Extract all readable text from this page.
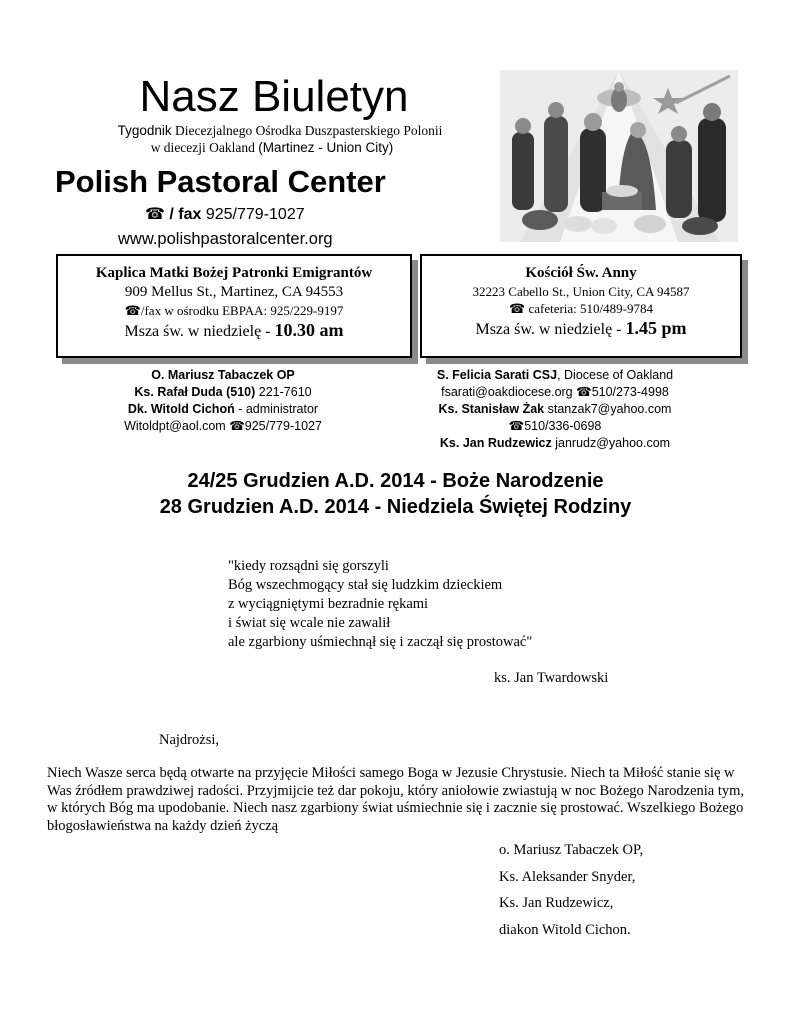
Nasz Biuletyn
Tygodnik Diecezjalnego Ośrodka Duszpasterskiego Polonii
w diecezji Oakland (Martinez - Union City)
Polish Pastoral Center
☎ / fax 925/779-1027
www.polishpastoralcenter.org
Kaplica Matki Bożej Patronki Emigrantów
909 Mellus St., Martinez, CA 94553
☎/fax w ośrodku EBPAA: 925/229-9197
Msza św. w niedzielę - 10.30 am
Kościół Św. Anny
32223 Cabello St., Union City, CA 94587
☎ cafeteria: 510/489-9784
Msza św. w niedzielę - 1.45 pm
O. Mariusz Tabaczek OP
Ks. Rafał Duda (510) 221-7610
Dk. Witold Cichoń - administrator
Witoldpt@aol.com ☎925/779-1027
S. Felicia Sarati CSJ, Diocese of Oakland
fsarati@oakdiocese.org ☎510/273-4998
Ks. Stanisław Żak stanzak7@yahoo.com
☎510/336-0698
Ks. Jan Rudzewicz janrudz@yahoo.com
24/25 Grudzien A.D. 2014 - Boże Narodzenie
28 Grudzien A.D. 2014 - Niedziela Świętej Rodziny
"kiedy rozsądni się gorszyli
Bóg wszechmogący stał się ludzkim dzieckiem
z wyciągniętymi bezradnie rękami
i świat się wcale nie zawalił
ale zgarbiony uśmiechnął się i zaczął się prostować"
ks. Jan Twardowski
Najdrożsi,
Niech Wasze serca będą otwarte na przyjęcie Miłości samego Boga w Jezusie Chrystusie. Niech ta Miłość stanie się w Was źródłem prawdziwej radości. Przyjmijcie też dar pokoju, który aniołowie zwiastują w noc Bożego Narodzenia tym, w których Bóg ma upodobanie. Niech nasz zgarbiony świat uśmiechnie się i zacznie się prostować. Wszelkiego Bożego błogosławieństwa na każdy dzień życzą
o. Mariusz Tabaczek OP,
Ks. Aleksander Snyder,
Ks. Jan Rudzewicz,
diakon Witold Cichon.
